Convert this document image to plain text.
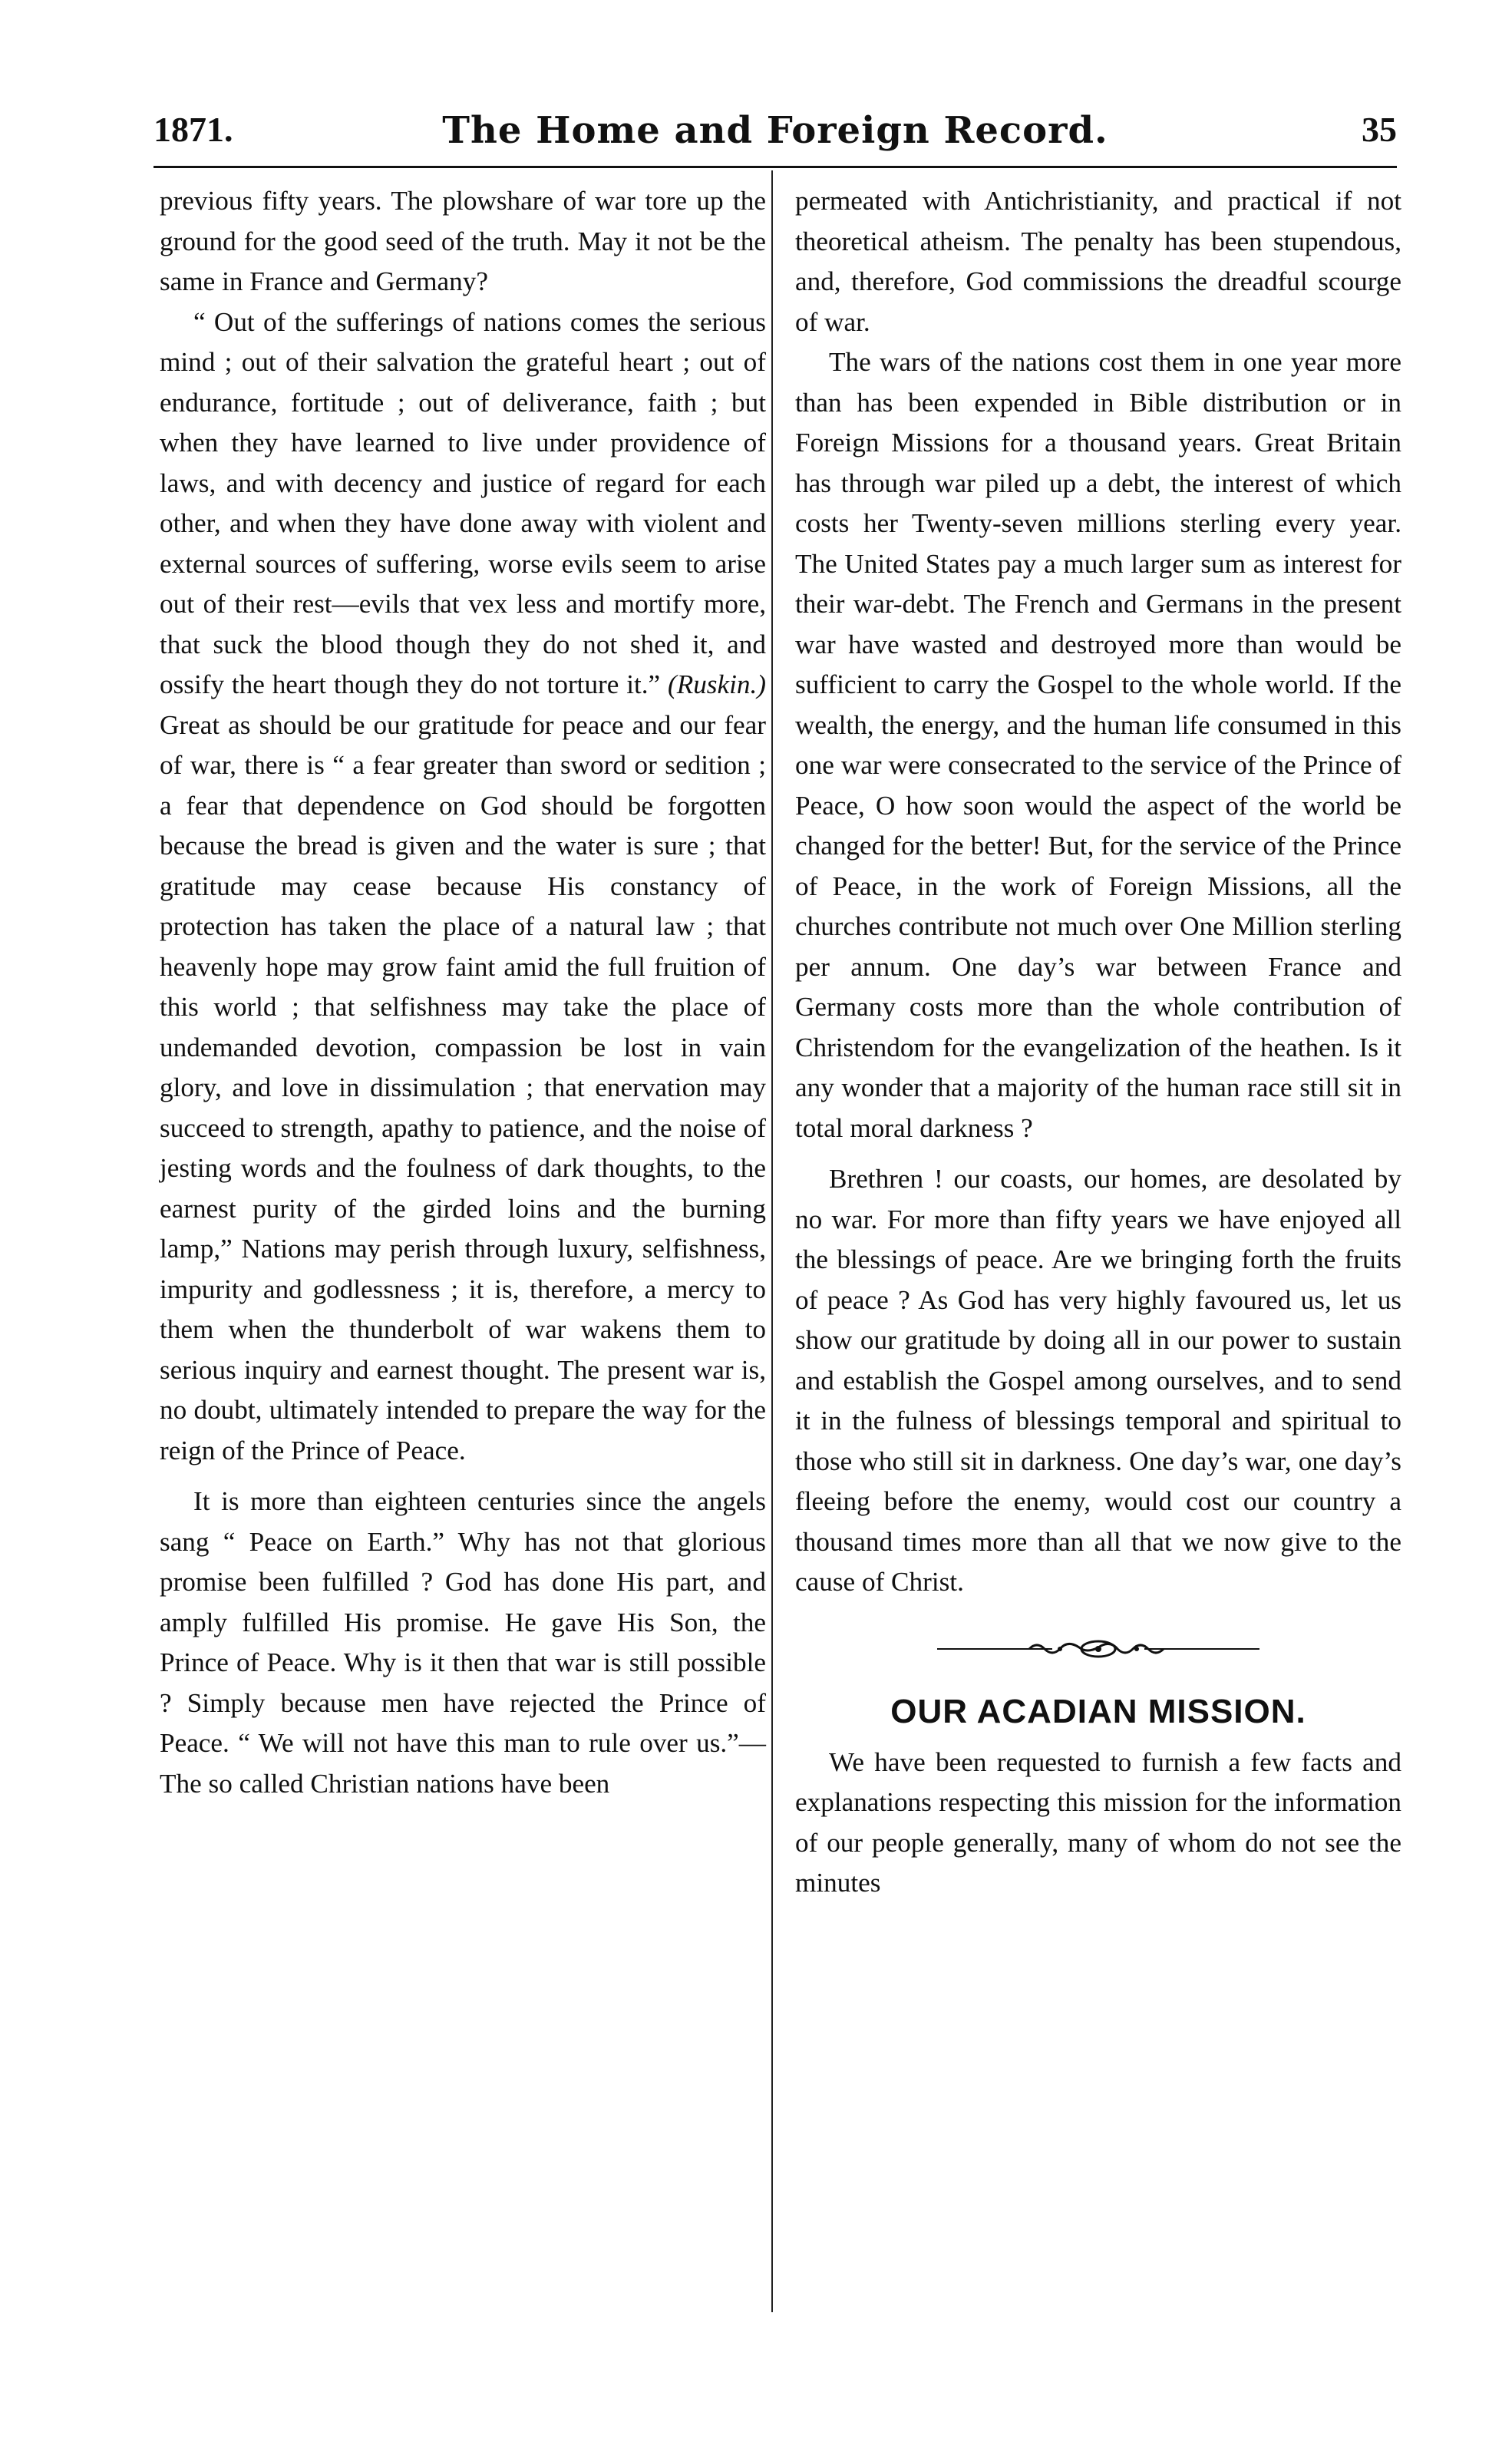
1871.	The Home and Foreign Record.	35

previous fifty years. The plowshare of war tore up the ground for the good seed of the truth. May it not be the same in France and Germany?

“ Out of the sufferings of nations comes the serious mind ; out of their salvation the grateful heart ; out of endurance, fortitude ; out of deliverance, faith ; but when they have learned to live under providence of laws, and with decency and justice of regard for each other, and when they have done away with violent and external sources of suffering, worse evils seem to arise out of their rest—evils that vex less and mortify more, that suck the blood though they do not shed it, and ossify the heart though they do not torture it.” (Ruskin.) Great as should be our gratitude for peace and our fear of war, there is “ a fear greater than sword or sedition ; a fear that dependence on God should be forgotten because the bread is given and the water is sure ; that gratitude may cease because His constancy of protection has taken the place of a natural law ; that heavenly hope may grow faint amid the full fruition of this world ; that selfishness may take the place of undemanded devotion, compassion be lost in vain glory, and love in dissimulation ; that enervation may succeed to strength, apathy to patience, and the noise of jesting words and the foulness of dark thoughts, to the earnest purity of the girded loins and the burning lamp,” Nations may perish through luxury, selfishness, impurity and godlessness ; it is, therefore, a mercy to them when the thunderbolt of war wakens them to serious inquiry and earnest thought. The present war is, no doubt, ultimately intended to prepare the way for the reign of the Prince of Peace.

It is more than eighteen centuries since the angels sang “ Peace on Earth.” Why has not that glorious promise been fulfilled ? God has done His part, and amply fulfilled His promise. He gave His Son, the Prince of Peace. Why is it then that war is still possible ? Simply because men have rejected the Prince of Peace. “ We will not have this man to rule over us.”— The so called Christian nations have been

permeated with Antichristianity, and practical if not theoretical atheism. The penalty has been stupendous, and, therefore, God commissions the dreadful scourge of war.

The wars of the nations cost them in one year more than has been expended in Bible distribution or in Foreign Missions for a thousand years. Great Britain has through war piled up a debt, the interest of which costs her Twenty-seven millions sterling every year. The United States pay a much larger sum as interest for their war-debt. The French and Germans in the present war have wasted and destroyed more than would be sufficient to carry the Gospel to the whole world. If the wealth, the energy, and the human life consumed in this one war were consecrated to the service of the Prince of Peace, O how soon would the aspect of the world be changed for the better! But, for the service of the Prince of Peace, in the work of Foreign Missions, all the churches contribute not much over One Million sterling per annum. One day’s war between France and Germany costs more than the whole contribution of Christendom for the evangelization of the heathen. Is it any wonder that a majority of the human race still sit in total moral darkness ?

Brethren ! our coasts, our homes, are desolated by no war. For more than fifty years we have enjoyed all the blessings of peace. Are we bringing forth the fruits of peace ? As God has very highly favoured us, let us show our gratitude by doing all in our power to sustain and establish the Gospel among ourselves, and to send it in the fulness of blessings temporal and spiritual to those who still sit in darkness. One day’s war, one day’s fleeing before the enemy, would cost our country a thousand times more than all that we now give to the cause of Christ.

OUR ACADIAN MISSION.

We have been requested to furnish a few facts and explanations respecting this mission for the information of our people generally, many of whom do not see the minutes
